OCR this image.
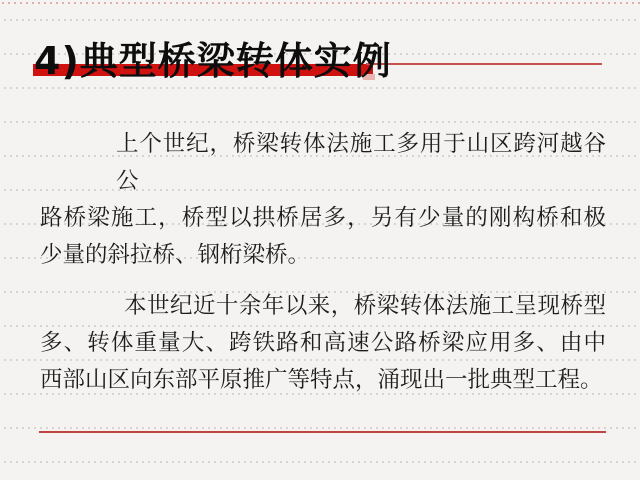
4)典型桥梁转体实例
上个世纪，桥梁转体法施工多用于山区跨河越谷公
路桥梁施工，桥型以拱桥居多，另有少量的刚构桥和极
少量的斜拉桥、钢桁梁桥。
本世纪近十余年以来，桥梁转体法施工呈现桥型
多、转体重量大、跨铁路和高速公路桥梁应用多、由中
西部山区向东部平原推广等特点，涌现出一批典型工程。
